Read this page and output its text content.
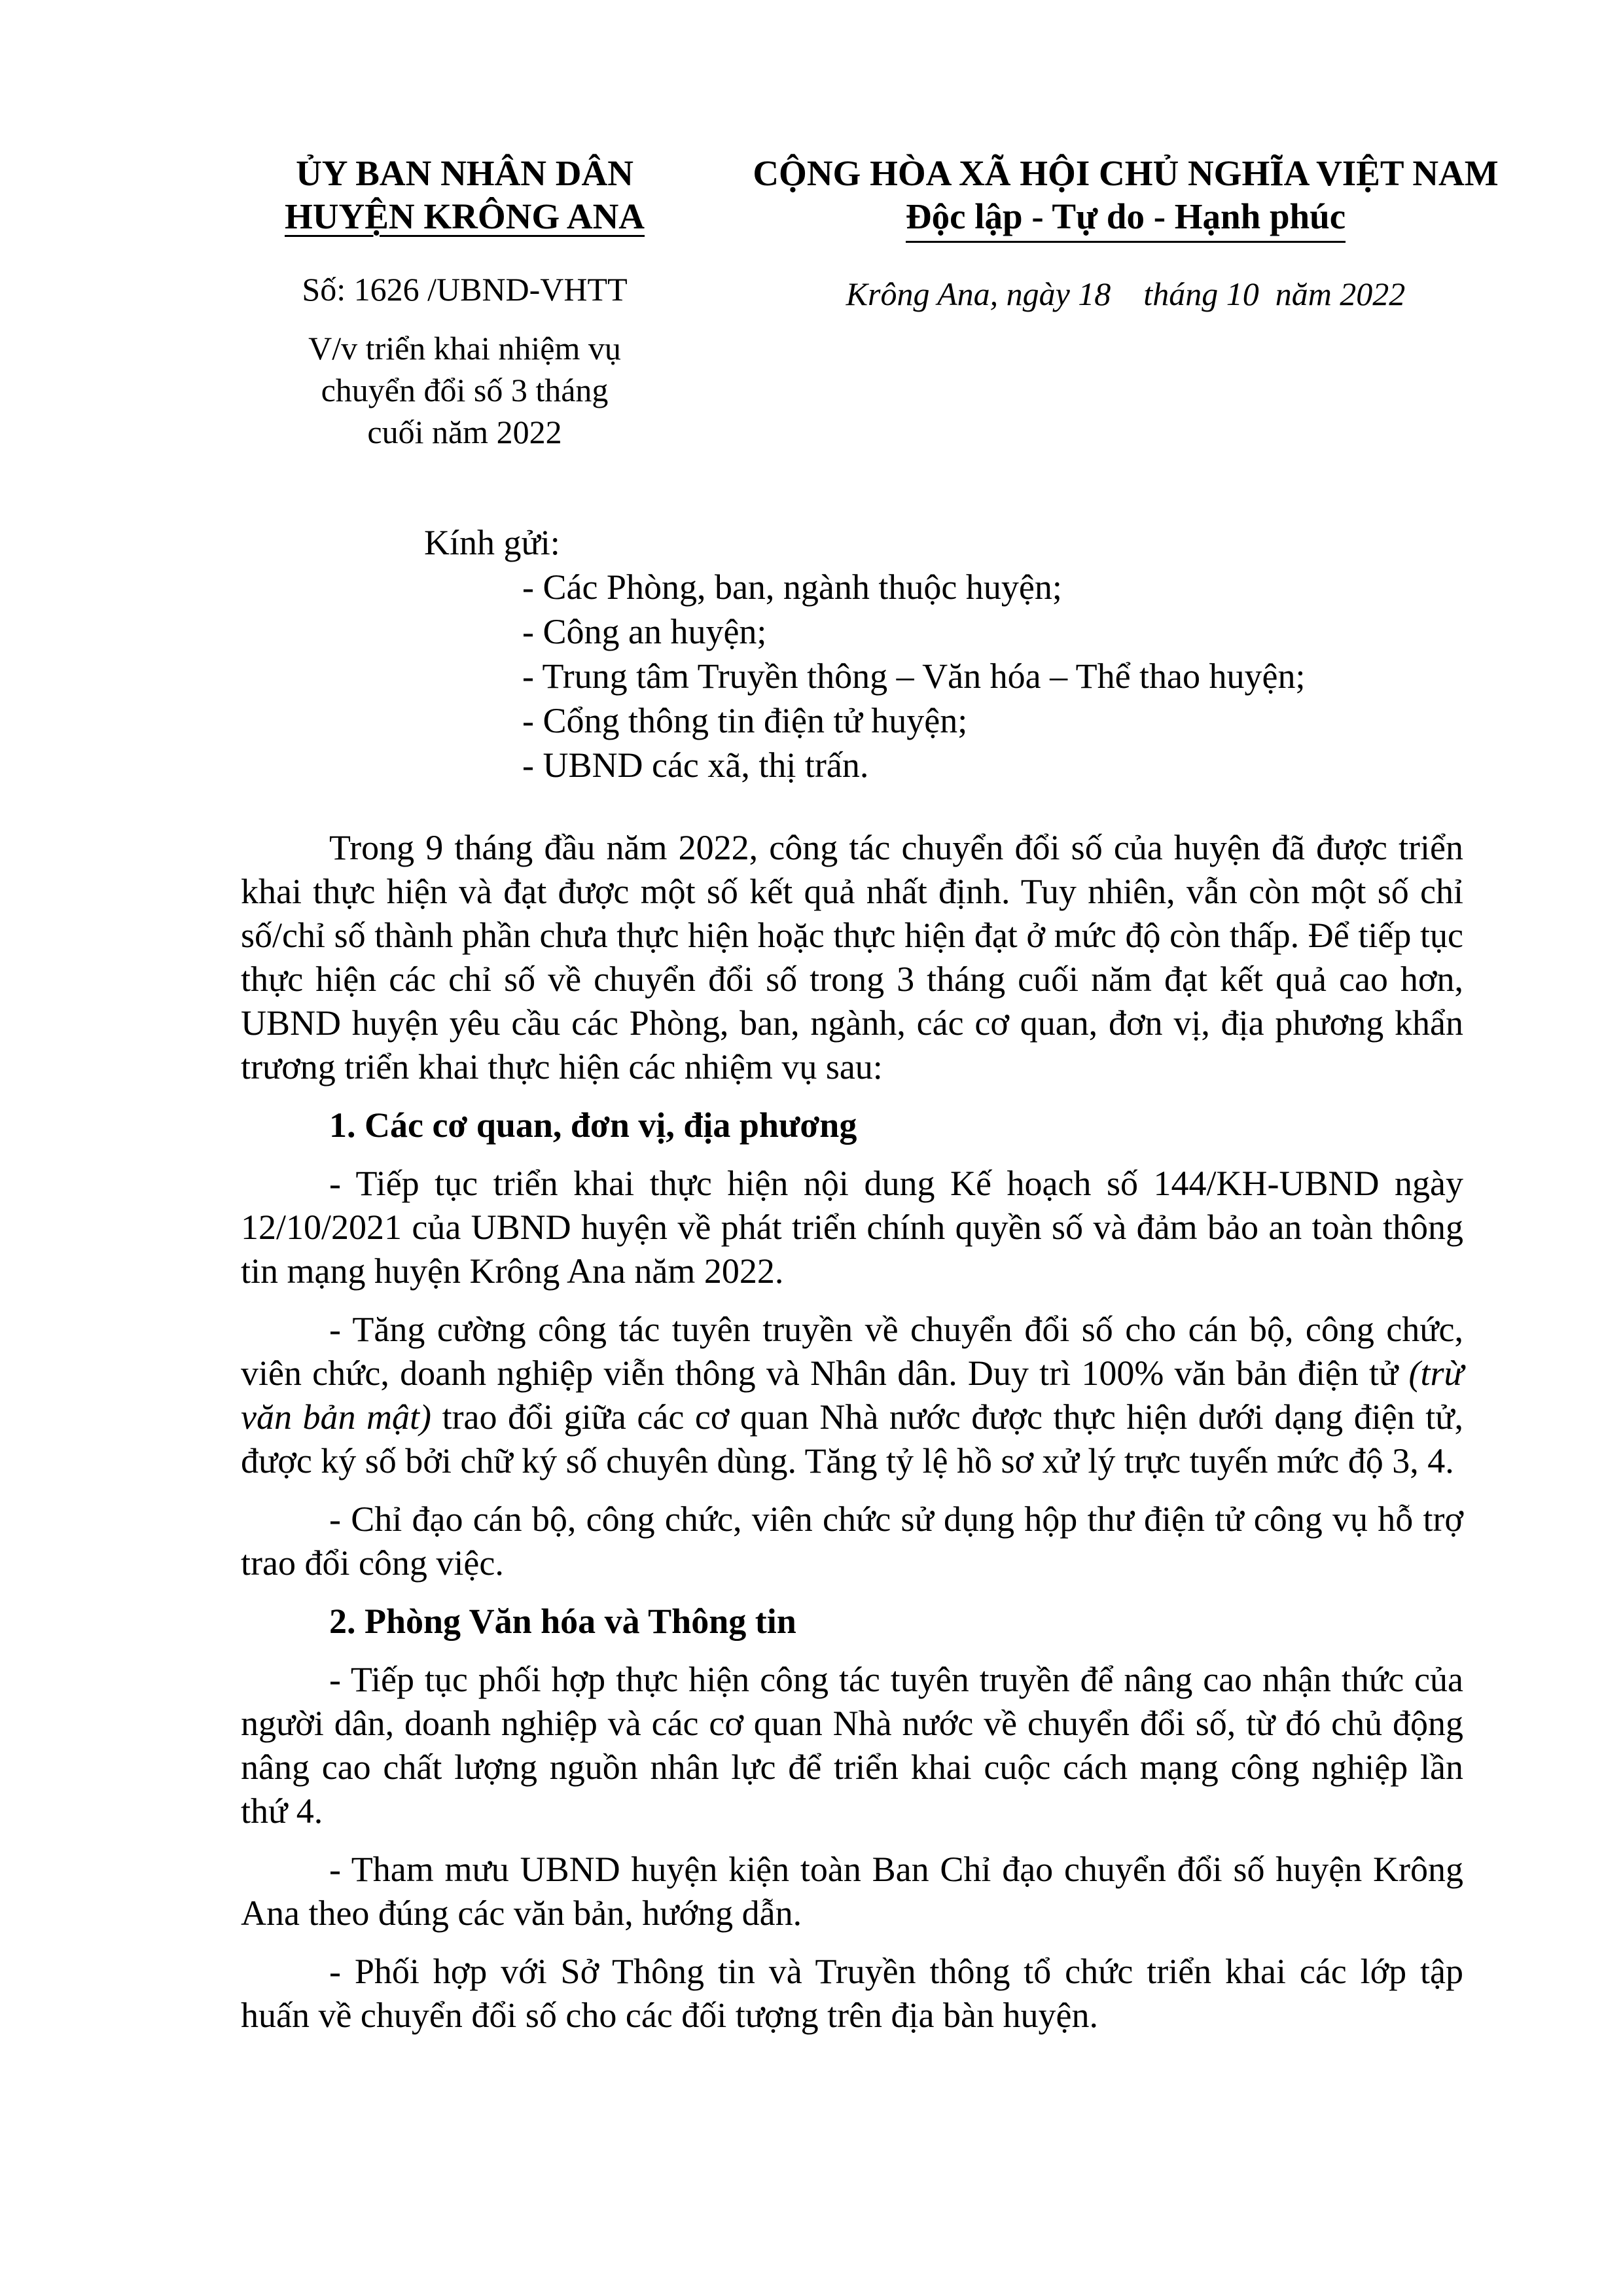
ỦY BAN NHÂN DÂN
HUYỆN KRÔNG ANA
Số: 1626 /UBND-VHTT
V/v triển khai nhiệm vụ
chuyển đổi số 3 tháng
cuối năm 2022
CỘNG HÒA XÃ HỘI CHỦ NGHĨA VIỆT NAM
Độc lập - Tự do - Hạnh phúc
Krông Ana, ngày 18    tháng 10  năm 2022
Kính gửi:
- Các Phòng, ban, ngành thuộc huyện;
- Công an huyện;
- Trung tâm Truyền thông – Văn hóa – Thể thao huyện;
- Cổng thông tin điện tử huyện;
- UBND các xã, thị trấn.

Trong 9 tháng đầu năm 2022, công tác chuyển đổi số của huyện đã được triển khai thực hiện và đạt được một số kết quả nhất định. Tuy nhiên, vẫn còn một số chỉ số/chỉ số thành phần chưa thực hiện hoặc thực hiện đạt ở mức độ còn thấp. Để tiếp tục thực hiện các chỉ số về chuyển đổi số trong 3 tháng cuối năm đạt kết quả cao hơn, UBND huyện yêu cầu các Phòng, ban, ngành, các cơ quan, đơn vị, địa phương khẩn trương triển khai thực hiện các nhiệm vụ sau:

1. Các cơ quan, đơn vị, địa phương

- Tiếp tục triển khai thực hiện nội dung Kế hoạch số 144/KH-UBND ngày 12/10/2021 của UBND huyện về phát triển chính quyền số và đảm bảo an toàn thông tin mạng huyện Krông Ana năm 2022.

- Tăng cường công tác tuyên truyền về chuyển đổi số cho cán bộ, công chức, viên chức, doanh nghiệp viễn thông và Nhân dân. Duy trì 100% văn bản điện tử (trừ văn bản mật) trao đổi giữa các cơ quan Nhà nước được thực hiện dưới dạng điện tử, được ký số bởi chữ ký số chuyên dùng. Tăng tỷ lệ hồ sơ xử lý trực tuyến mức độ 3, 4.

- Chỉ đạo cán bộ, công chức, viên chức sử dụng hộp thư điện tử công vụ hỗ trợ trao đổi công việc.

2. Phòng Văn hóa và Thông tin

- Tiếp tục phối hợp thực hiện công tác tuyên truyền để nâng cao nhận thức của người dân, doanh nghiệp và các cơ quan Nhà nước về chuyển đổi số, từ đó chủ động nâng cao chất lượng nguồn nhân lực để triển khai cuộc cách mạng công nghiệp lần thứ 4.

- Tham mưu UBND huyện kiện toàn Ban Chỉ đạo chuyển đổi số huyện Krông Ana theo đúng các văn bản, hướng dẫn.

- Phối hợp với Sở Thông tin và Truyền thông tổ chức triển khai các lớp tập huấn về chuyển đổi số cho các đối tượng trên địa bàn huyện.
